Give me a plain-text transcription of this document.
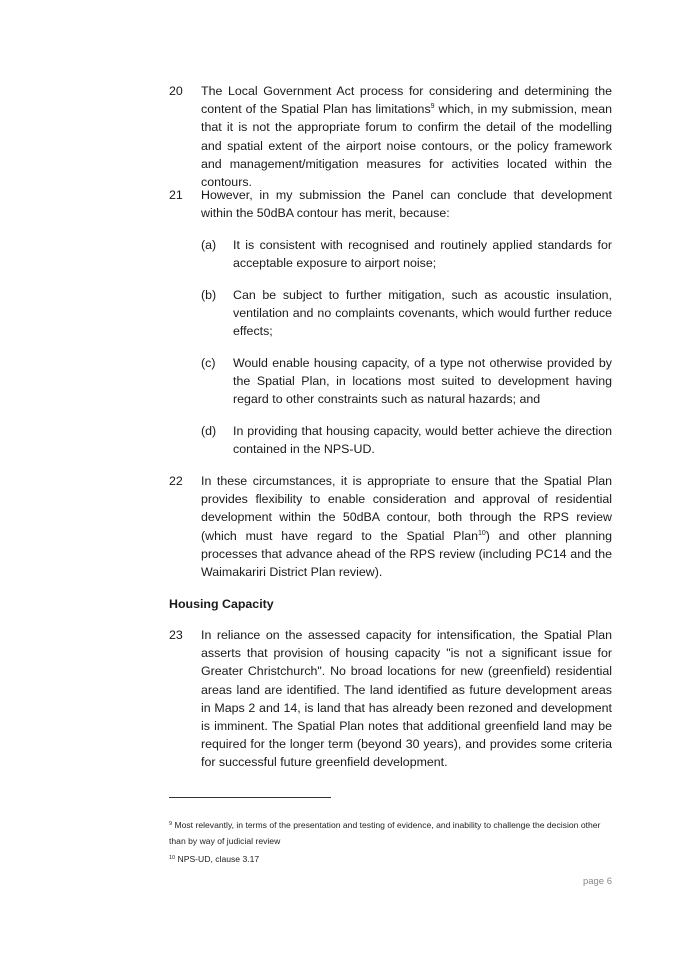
20 The Local Government Act process for considering and determining the content of the Spatial Plan has limitations$^9$ which, in my submission, mean that it is not the appropriate forum to confirm the detail of the modelling and spatial extent of the airport noise contours, or the policy framework and management/mitigation measures for activities located within the contours.
21 However, in my submission the Panel can conclude that development within the 50dBA contour has merit, because:
(a) It is consistent with recognised and routinely applied standards for acceptable exposure to airport noise;
(b) Can be subject to further mitigation, such as acoustic insulation, ventilation and no complaints covenants, which would further reduce effects;
(c) Would enable housing capacity, of a type not otherwise provided by the Spatial Plan, in locations most suited to development having regard to other constraints such as natural hazards; and
(d) In providing that housing capacity, would better achieve the direction contained in the NPS-UD.
22 In these circumstances, it is appropriate to ensure that the Spatial Plan provides flexibility to enable consideration and approval of residential development within the 50dBA contour, both through the RPS review (which must have regard to the Spatial Plan$^{10}$) and other planning processes that advance ahead of the RPS review (including PC14 and the Waimakariri District Plan review).
Housing Capacity
23 In reliance on the assessed capacity for intensification, the Spatial Plan asserts that provision of housing capacity "is not a significant issue for Greater Christchurch". No broad locations for new (greenfield) residential areas land are identified. The land identified as future development areas in Maps 2 and 14, is land that has already been rezoned and development is imminent. The Spatial Plan notes that additional greenfield land may be required for the longer term (beyond 30 years), and provides some criteria for successful future greenfield development.
$^9$ Most relevantly, in terms of the presentation and testing of evidence, and inability to challenge the decision other than by way of judicial review
$^{10}$ NPS-UD, clause 3.17
page 6
